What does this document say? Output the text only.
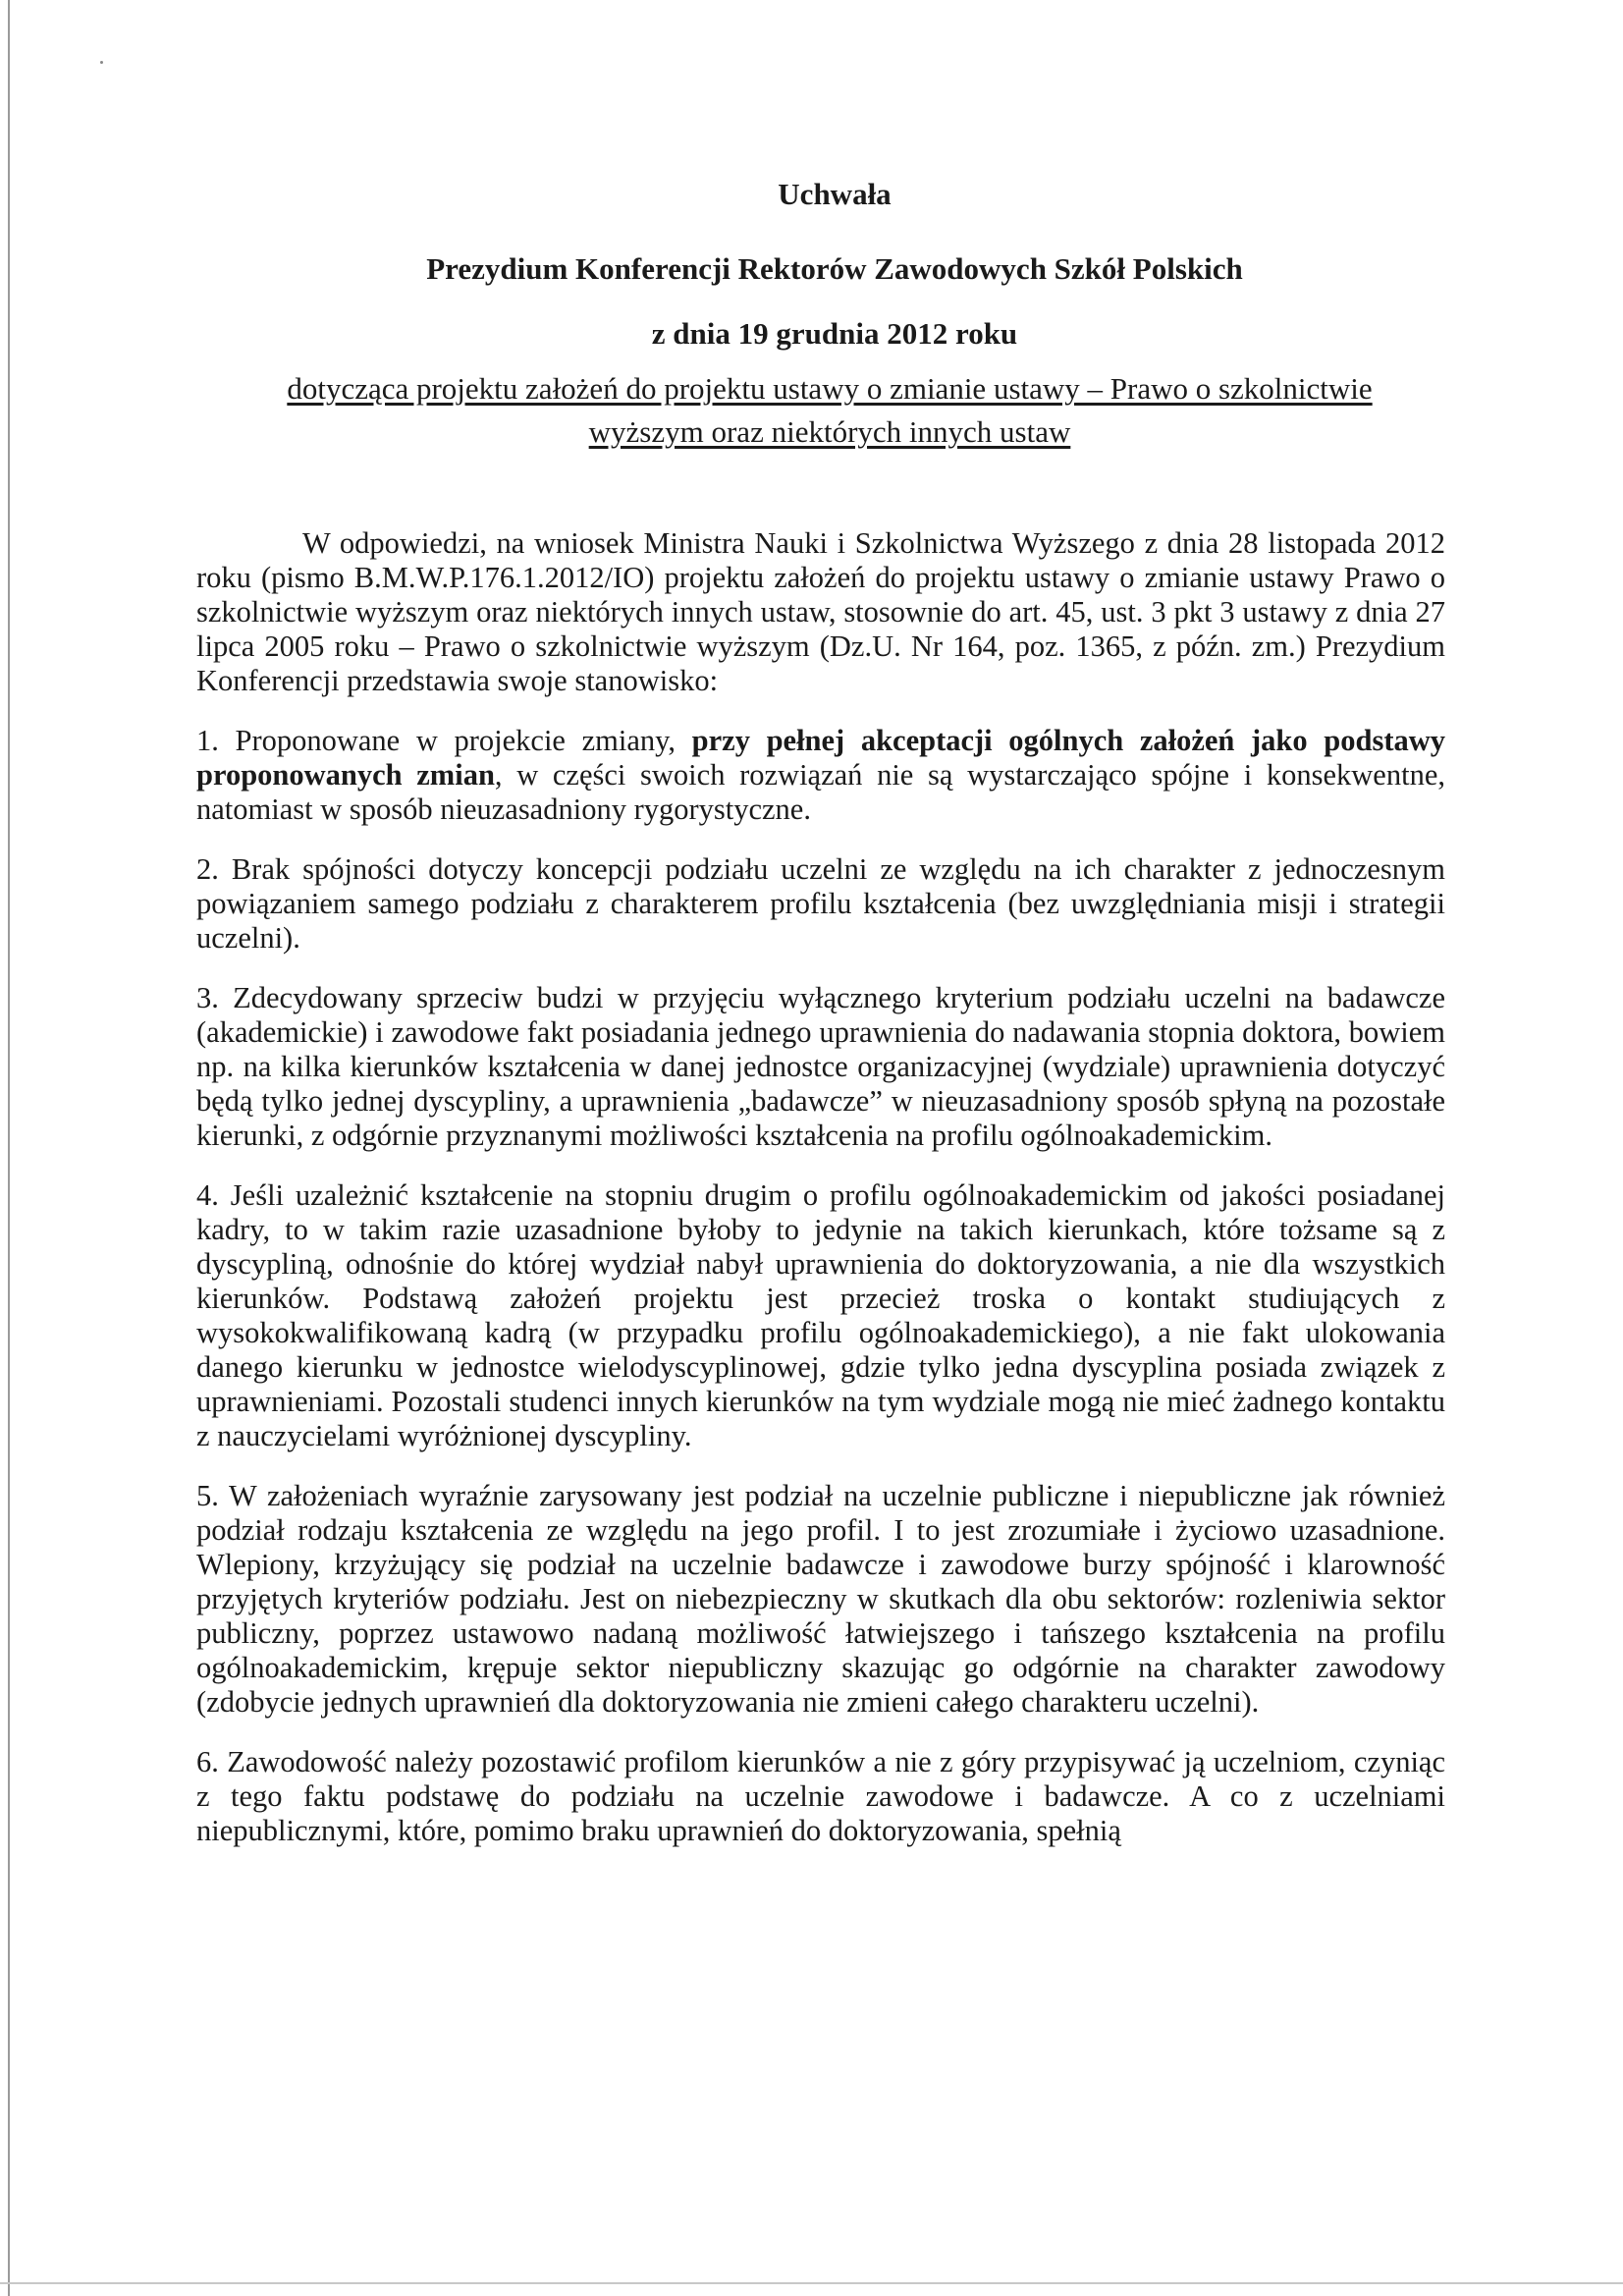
Uchwała
Prezydium Konferencji Rektorów Zawodowych Szkół Polskich
z dnia 19 grudnia 2012 roku
dotycząca projektu założeń do projektu ustawy o zmianie ustawy – Prawo o szkolnictwie wyższym oraz niektórych innych ustaw

W odpowiedzi, na wniosek Ministra Nauki i Szkolnictwa Wyższego z dnia 28 listopada 2012 roku (pismo B.M.W.P.176.1.2012/IO) projektu założeń do projektu ustawy o zmianie ustawy Prawo o szkolnictwie wyższym oraz niektórych innych ustaw, stosownie do art. 45, ust. 3 pkt 3 ustawy z dnia 27 lipca 2005 roku – Prawo o szkolnictwie wyższym (Dz.U. Nr 164, poz. 1365, z późn. zm.) Prezydium Konferencji przedstawia swoje stanowisko:

1. Proponowane w projekcie zmiany, przy pełnej akceptacji ogólnych założeń jako podstawy proponowanych zmian, w części swoich rozwiązań nie są wystarczająco spójne i konsekwentne, natomiast w sposób nieuzasadniony rygorystyczne.

2. Brak spójności dotyczy koncepcji podziału uczelni ze względu na ich charakter z jednoczesnym powiązaniem samego podziału z charakterem profilu kształcenia (bez uwzględniania misji i strategii uczelni).

3. Zdecydowany sprzeciw budzi w przyjęciu wyłącznego kryterium podziału uczelni na badawcze (akademickie) i zawodowe fakt posiadania jednego uprawnienia do nadawania stopnia doktora, bowiem np. na kilka kierunków kształcenia w danej jednostce organizacyjnej (wydziale) uprawnienia dotyczyć będą tylko jednej dyscypliny, a uprawnienia „badawcze” w nieuzasadniony sposób spłyną na pozostałe kierunki, z odgórnie przyznanymi możliwości kształcenia na profilu ogólnoakademickim.

4. Jeśli uzależnić kształcenie na stopniu drugim o profilu ogólnoakademickim od jakości posiadanej kadry, to w takim razie uzasadnione byłoby to jedynie na takich kierunkach, które tożsame są z dyscypliną, odnośnie do której wydział nabył uprawnienia do doktoryzowania, a nie dla wszystkich kierunków. Podstawą założeń projektu jest przecież troska o kontakt studiujących z wysokokwalifikowaną kadrą (w przypadku profilu ogólnoakademickiego), a nie fakt ulokowania danego kierunku w jednostce wielodyscyplinowej, gdzie tylko jedna dyscyplina posiada związek z uprawnieniami. Pozostali studenci innych kierunków na tym wydziale mogą nie mieć żadnego kontaktu z nauczycielami wyróżnionej dyscypliny.

5. W założeniach wyraźnie zarysowany jest podział na uczelnie publiczne i niepubliczne jak również podział rodzaju kształcenia ze względu na jego profil. I to jest zrozumiałe i życiowo uzasadnione. Wlepiony, krzyżujący się podział na uczelnie badawcze i zawodowe burzy spójność i klarowność przyjętych kryteriów podziału. Jest on niebezpieczny w skutkach dla obu sektorów: rozleniwia sektor publiczny, poprzez ustawowo nadaną możliwość łatwiejszego i tańszego kształcenia na profilu ogólnoakademickim, krępuje sektor niepubliczny skazując go odgórnie na charakter zawodowy (zdobycie jednych uprawnień dla doktoryzowania nie zmieni całego charakteru uczelni).

6. Zawodowość należy pozostawić profilom kierunków a nie z góry przypisywać ją uczelniom, czyniąc z tego faktu podstawę do podziału na uczelnie zawodowe i badawcze. A co z uczelniami niepublicznymi, które, pomimo braku uprawnień do doktoryzowania, spełnią
